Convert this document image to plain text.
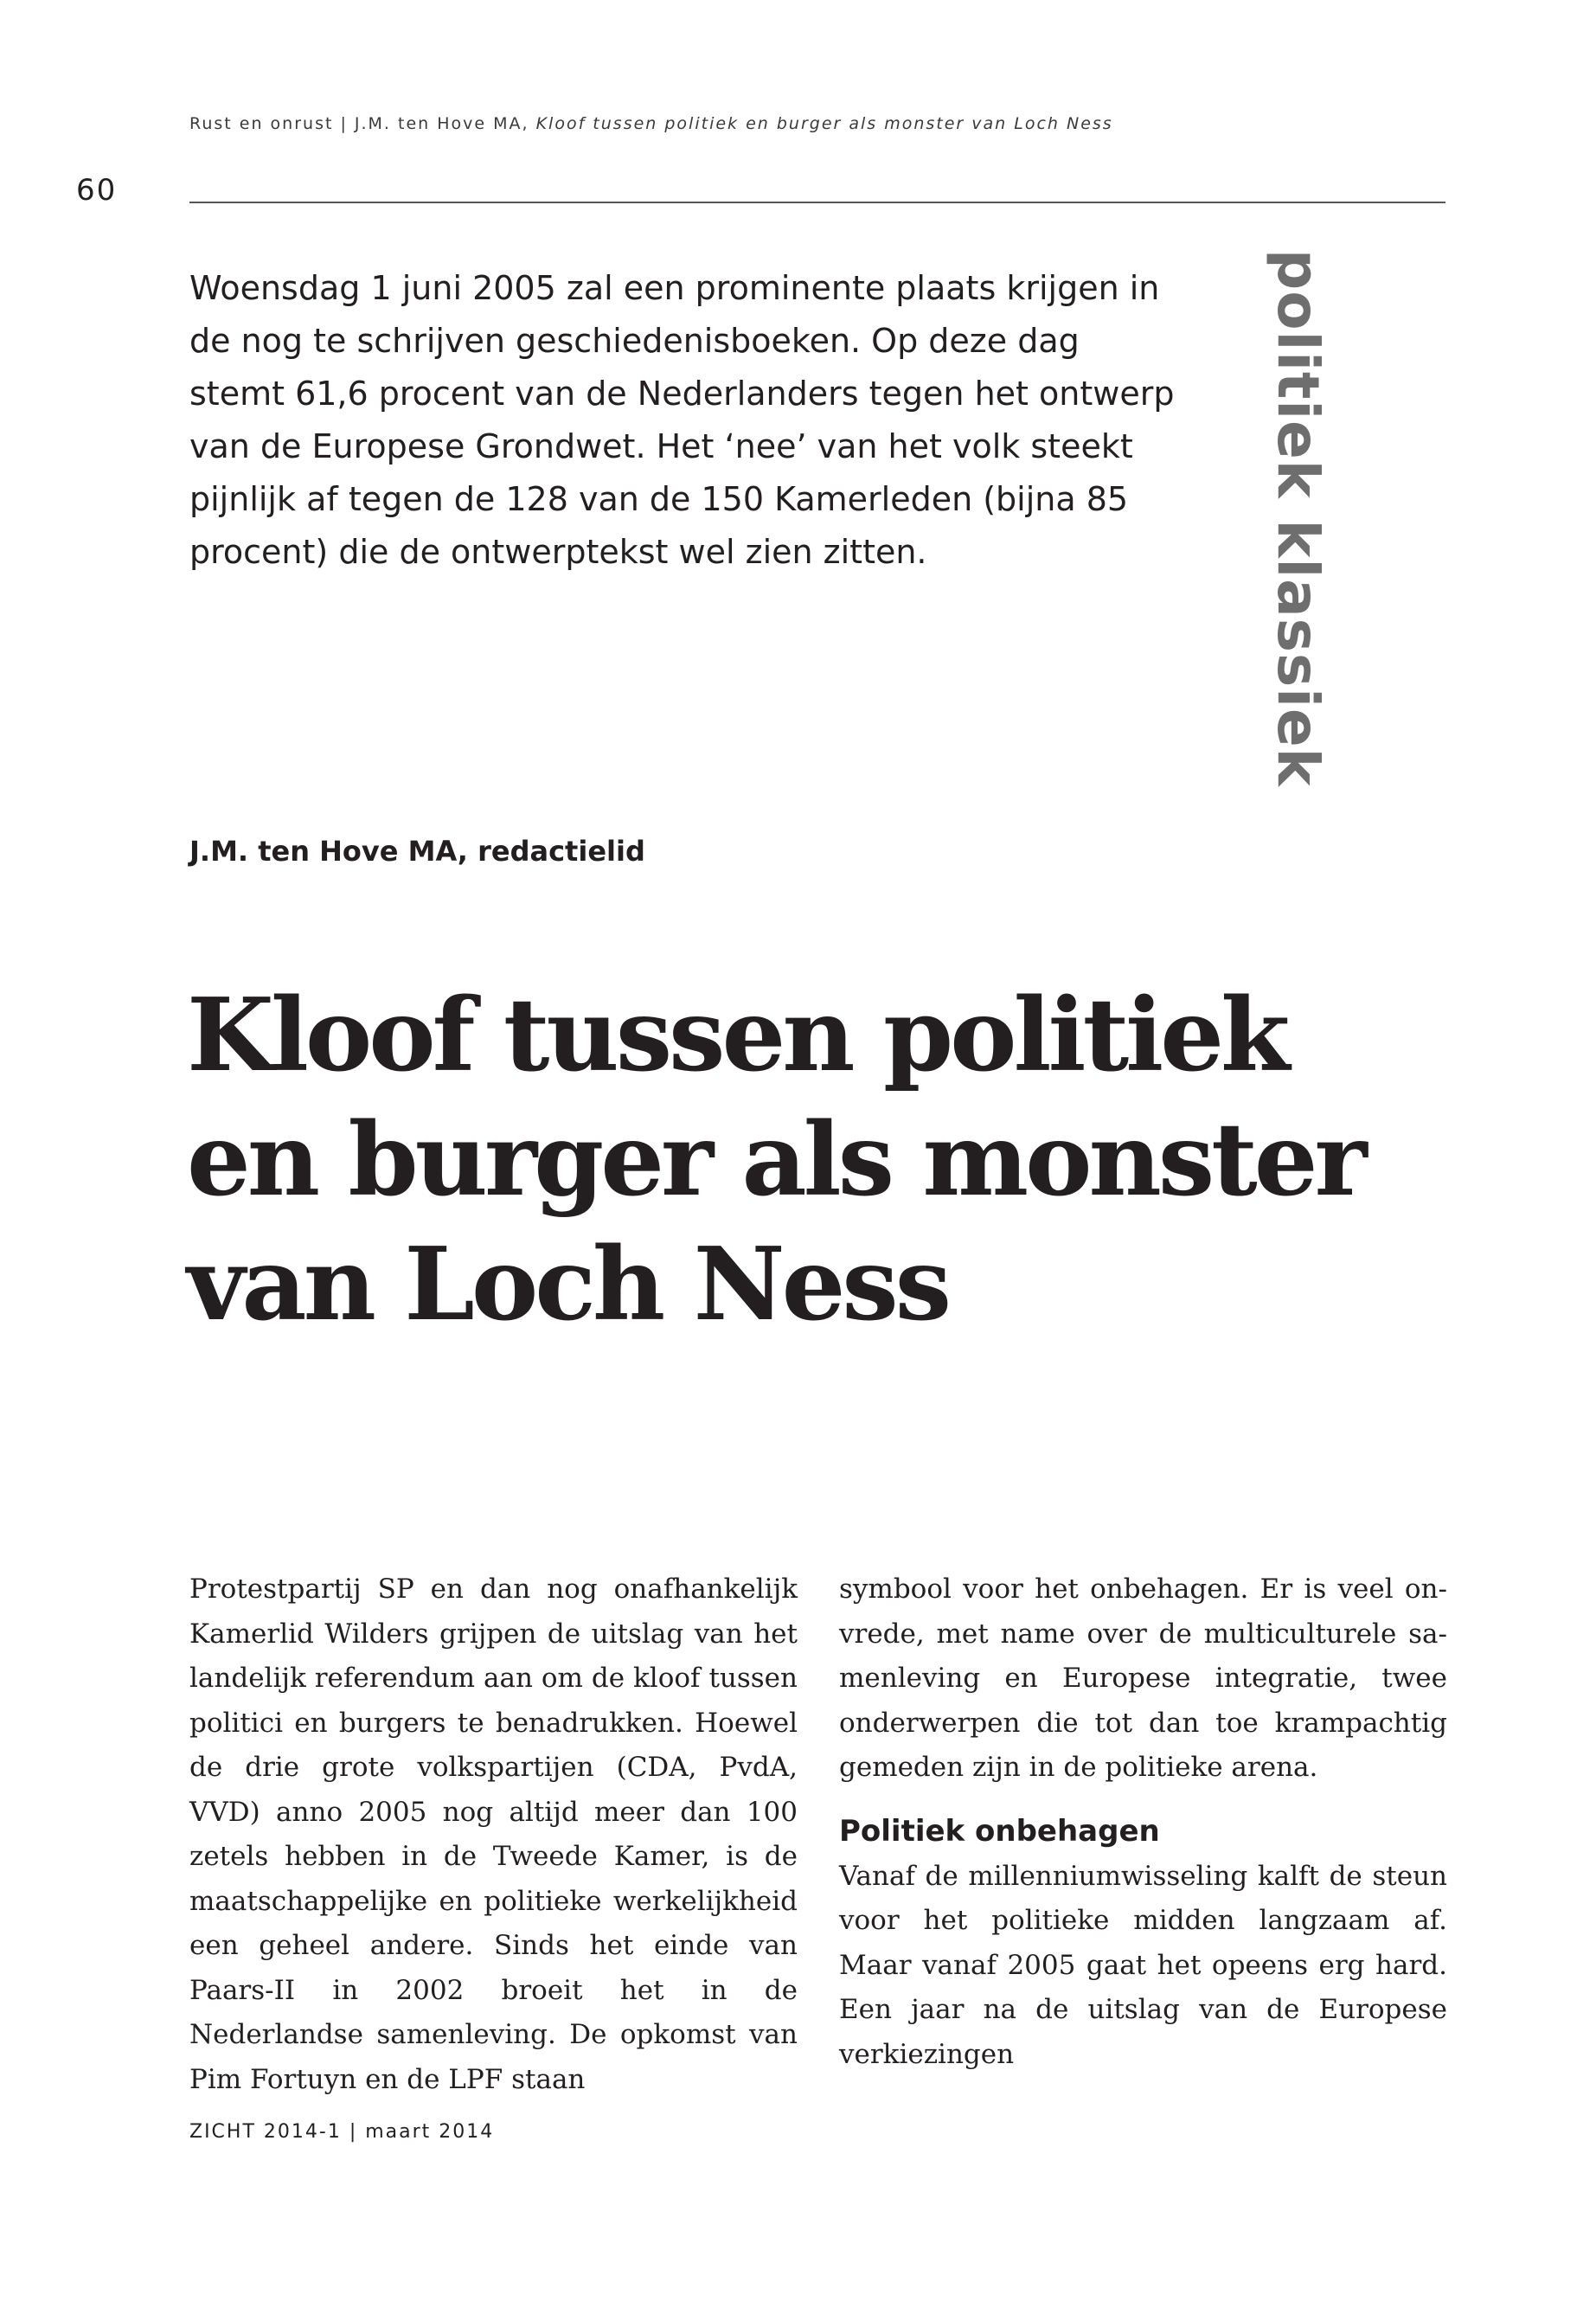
Rust en onrust | J.M. ten Hove MA, Kloof tussen politiek en burger als monster van Loch Ness
60

Woensdag 1 juni 2005 zal een prominente plaats krijgen in de nog te schrijven geschiedenisboeken. Op deze dag stemt 61,6 procent van de Nederlanders tegen het ontwerp van de Europese Grondwet. Het ‘nee’ van het volk steekt pijnlijk af tegen de 128 van de 150 Kamerleden (bijna 85 procent) die de ontwerptekst wel zien zitten.	politiek klassiek
J.M. ten Hove MA, redactielid
Kloof tussen politiek
en burger als monster
van Loch Ness

Protestpartij SP en dan nog onafhankelijk Kamerlid Wilders grijpen de uitslag van het landelijk referendum aan om de kloof tussen politici en burgers te benadrukken. Hoewel de drie grote volkspartijen (CDA, PvdA, VVD) anno 2005 nog altijd meer dan 100 zetels hebben in de Tweede Kamer, is de maatschappelijke en politieke werkelijkheid een geheel andere. Sinds het einde van Paars-II in 2002 broeit het in de Nederlandse samenleving. De opkomst van Pim Fortuyn en de LPF staan

symbool voor het onbehagen. Er is veel onvrede, met name over de multiculturele samenleving en Europese integratie, twee onderwerpen die tot dan toe krampachtig gemeden zijn in de politieke arena.

Politiek onbehagen

Vanaf de millenniumwisseling kalft de steun voor het politieke midden langzaam af. Maar vanaf 2005 gaat het opeens erg hard. Een jaar na de uitslag van de Europese verkiezingen

ZICHT 2014-1 | maart 2014
